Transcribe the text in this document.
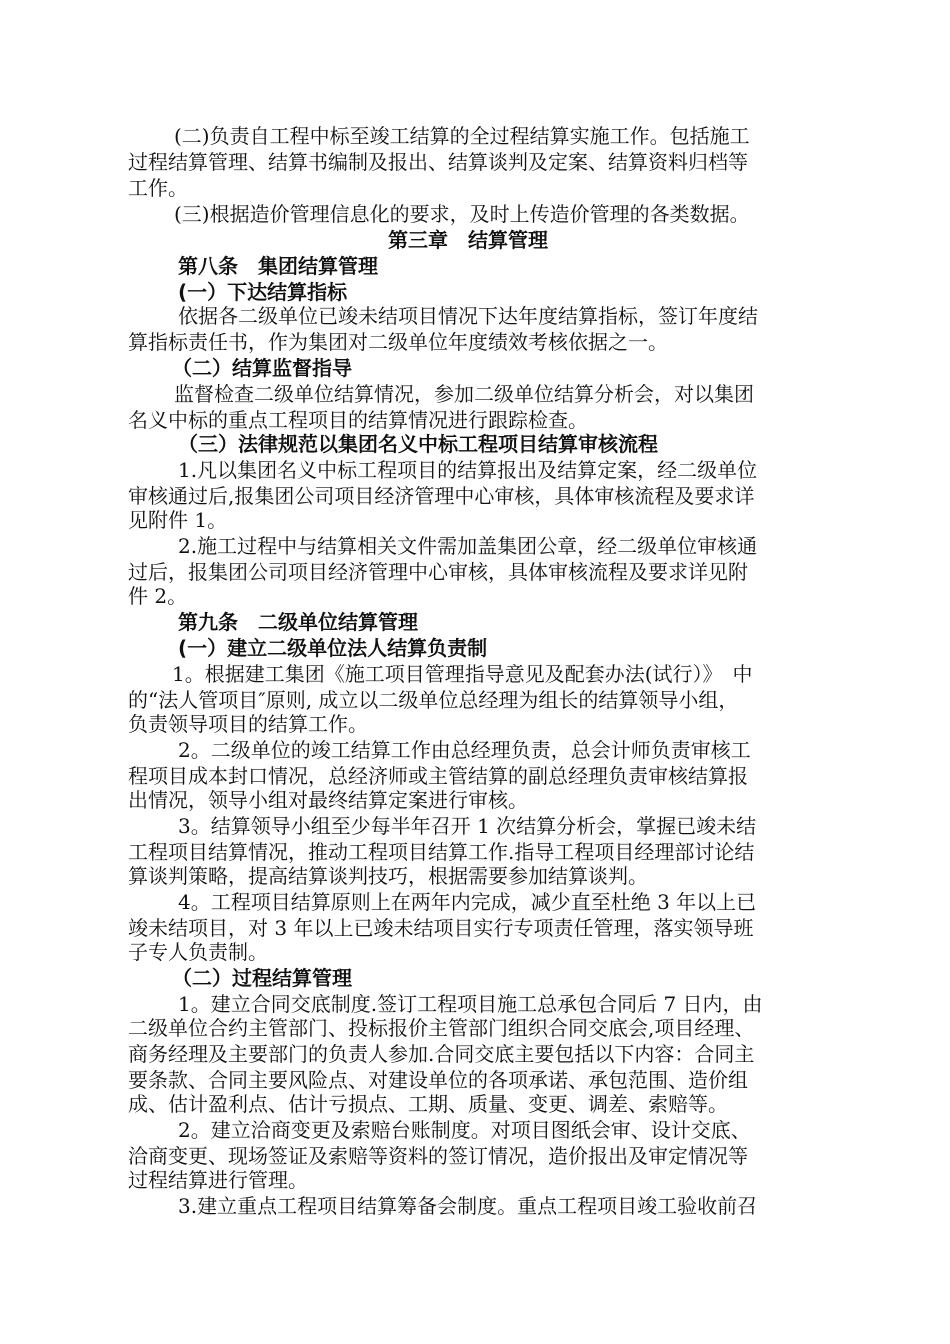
(二)负责自工程中标至竣工结算的全过程结算实施工作。包括施工
过程结算管理、结算书编制及报出、结算谈判及定案、结算资料归档等
工作。
(三)根据造价管理信息化的要求，及时上传造价管理的各类数据。
第三章　结算管理
第八条　集团结算管理
(一）下达结算指标
依据各二级单位已竣未结项目情况下达年度结算指标，签订年度结
算指标责任书，作为集团对二级单位年度绩效考核依据之一。
（二）结算监督指导
监督检查二级单位结算情况，参加二级单位结算分析会，对以集团
名义中标的重点工程项目的结算情况进行跟踪检查。
（三）法律规范以集团名义中标工程项目结算审核流程
1.凡以集团名义中标工程项目的结算报出及结算定案，经二级单位
审核通过后,报集团公司项目经济管理中心审核，具体审核流程及要求详
见附件 1。
2.施工过程中与结算相关文件需加盖集团公章，经二级单位审核通
过后，报集团公司项目经济管理中心审核，具体审核流程及要求详见附
件 2。
第九条　二级单位结算管理
(一）建立二级单位法人结算负责制
1。根据建工集团《施工项目管理指导意见及配套办法(试行）》　中
的“法人管项目″原则, 成立以二级单位总经理为组长的结算领导小组，
负责领导项目的结算工作。
2。二级单位的竣工结算工作由总经理负责，总会计师负责审核工
程项目成本封口情况，总经济师或主管结算的副总经理负责审核结算报
出情况，领导小组对最终结算定案进行审核。
3。结算领导小组至少每半年召开 1 次结算分析会，掌握已竣未结
工程项目结算情况，推动工程项目结算工作.指导工程项目经理部讨论结
算谈判策略，提高结算谈判技巧，根据需要参加结算谈判。
4。工程项目结算原则上在两年内完成，减少直至杜绝 3 年以上已
竣未结项目，对 3 年以上已竣未结项目实行专项责任管理，落实领导班
子专人负责制。
（二）过程结算管理
1。建立合同交底制度.签订工程项目施工总承包合同后 7 日内，由
二级单位合约主管部门、投标报价主管部门组织合同交底会,项目经理、
商务经理及主要部门的负责人参加.合同交底主要包括以下内容：合同主
要条款、合同主要风险点、对建设单位的各项承诺、承包范围、造价组
成、估计盈利点、估计亏损点、工期、质量、变更、调差、索赔等。
2。建立洽商变更及索赔台账制度。对项目图纸会审、设计交底、
洽商变更、现场签证及索赔等资料的签订情况，造价报出及审定情况等
过程结算进行管理。
3.建立重点工程项目结算筹备会制度。重点工程项目竣工验收前召
